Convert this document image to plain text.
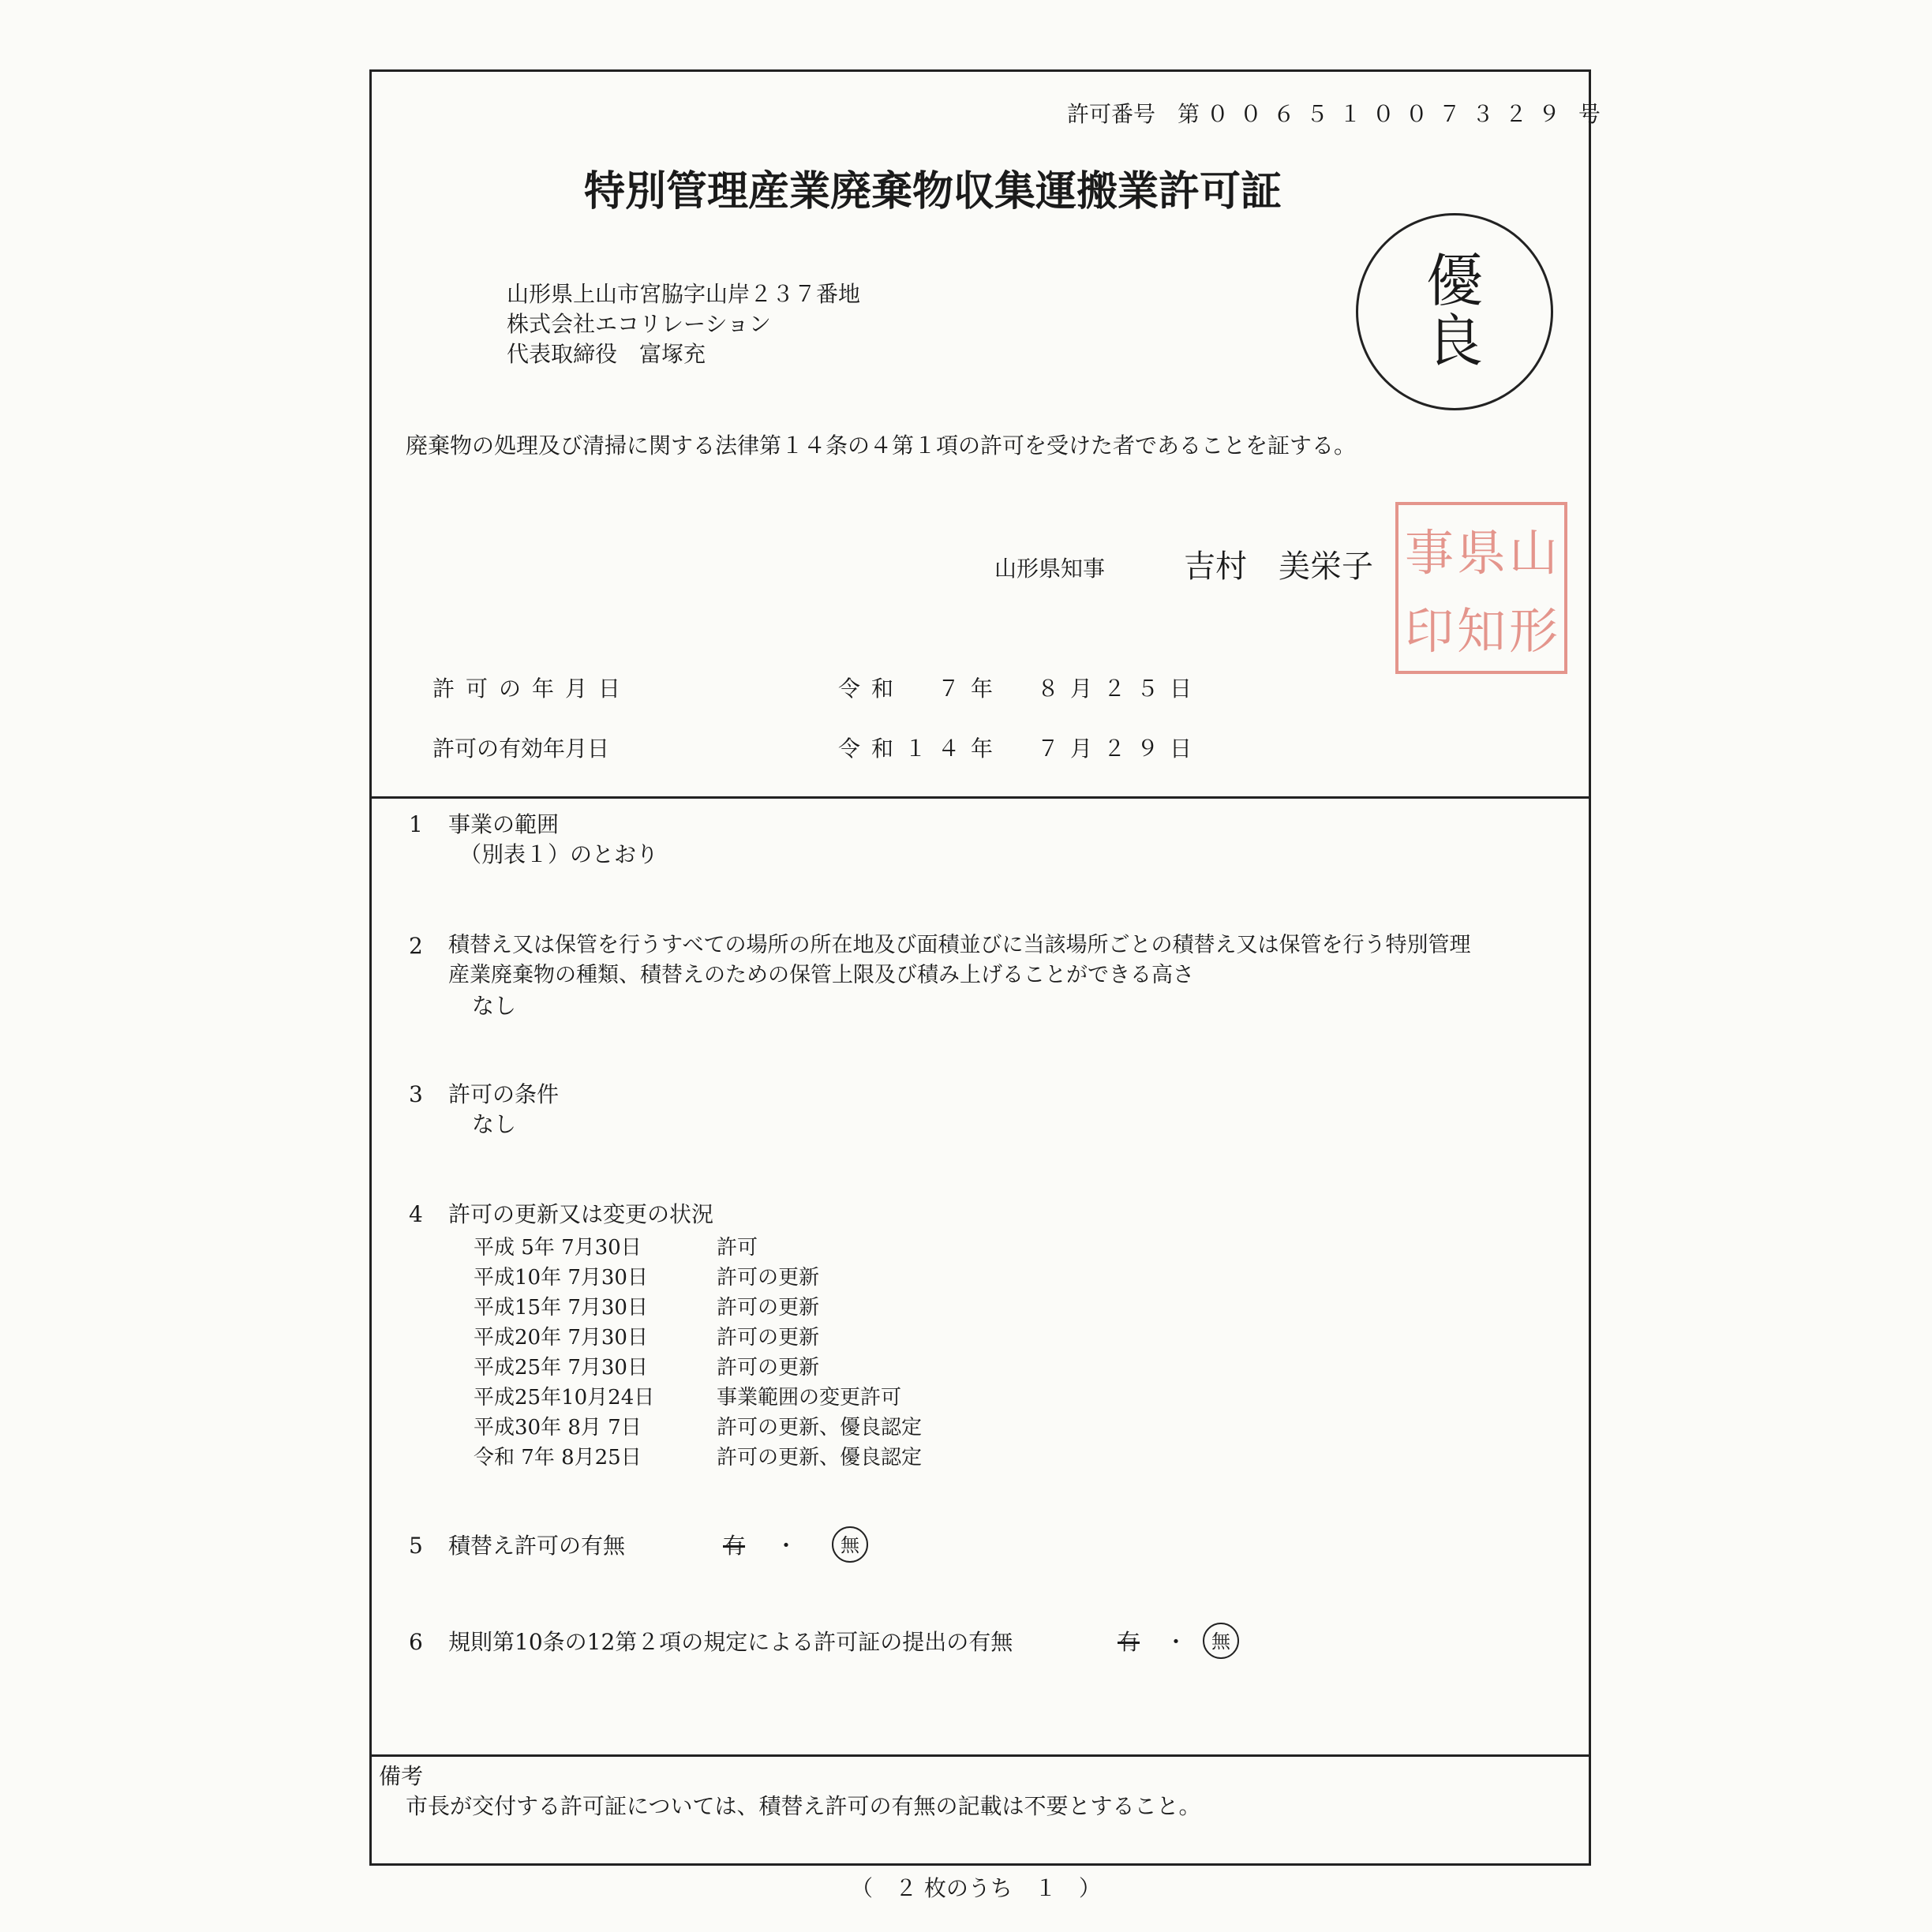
許可番号　第 ００６５１００７３２９ 号
特別管理産業廃棄物収集運搬業許可証
山形県上山市宮脇字山岸２３７番地
株式会社エコリレーション
代表取締役　富塚充
優
良
廃棄物の処理及び清掃に関する法律第１４条の４第１項の許可を受けた者であることを証する。
山形県知事 吉村　美栄子	山
形
県
知
事
印
許可の年月日	令和　７年　８月２５日
許可の有効年月日	令和１４年　７月２９日
1 事業の範囲
（別表１）のとおり
2 積替え又は保管を行うすべての場所の所在地及び面積並びに当該場所ごとの積替え又は保管を行う特別管理
産業廃棄物の種類、積替えのための保管上限及び積み上げることができる高さ
なし
3 許可の条件
なし
4 許可の更新又は変更の状況
平成 5年 7月30日	許可
平成10年 7月30日	許可の更新
平成15年 7月30日	許可の更新
平成20年 7月30日	許可の更新
平成25年 7月30日	許可の更新
平成25年10月24日	事業範囲の変更許可
平成30年 8月 7日	許可の更新、優良認定
令和 7年 8月25日	許可の更新、優良認定
5 積替え許可の有無	有 ・	無
6 規則第10条の12第２項の規定による許可証の提出の有無	有 ・	無
備考
市長が交付する許可証については、積替え許可の有無の記載は不要とすること。
（　２ 枚のうち　１　）
